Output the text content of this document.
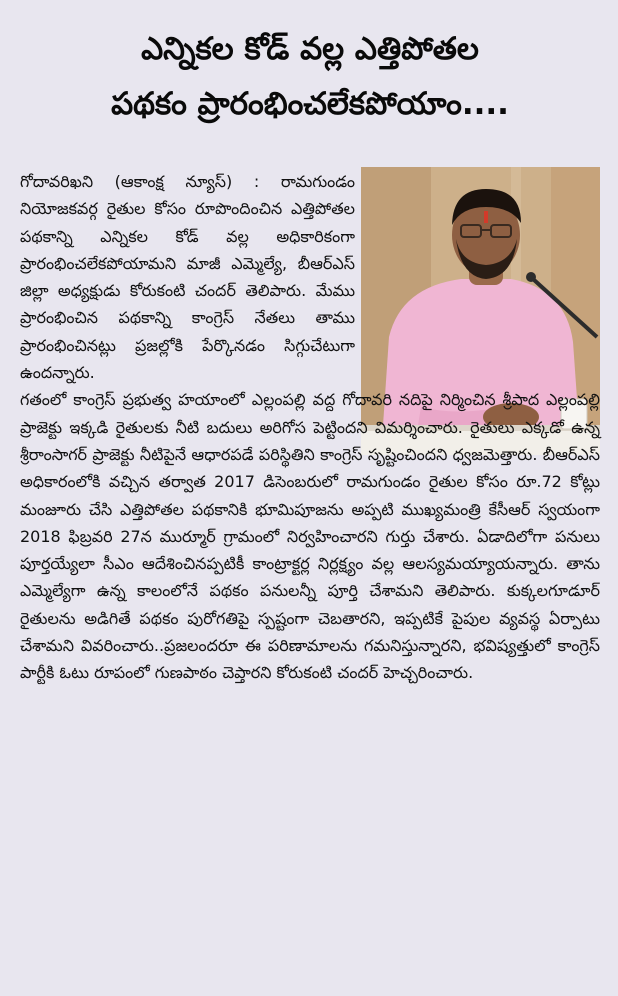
ఎన్నికల కోడ్ వల్ల ఎత్తిపోతల
పథకం ప్రారంభించలేకపోయాం....

గోదావరిఖని (ఆకాంక్ష న్యూస్) : రామగుండం నియోజకవర్గ రైతుల కోసం రూపొందించిన ఎత్తిపోతల పథకాన్ని ఎన్నికల కోడ్ వల్ల అధికారికంగా ప్రారంభించలేకపోయామని మాజీ ఎమ్మెల్యే, బీఆర్ఎస్ జిల్లా అధ్యక్షుడు కోరుకంటి చందర్ తెలిపారు. మేము ప్రారంభించిన పథకాన్ని కాంగ్రెస్ నేతలు తాము ప్రారంభించినట్లు ప్రజల్లోకి పేర్కొనడం సిగ్గుచేటుగా ఉందన్నారు.

గతంలో కాంగ్రెస్ ప్రభుత్వ హయాంలో ఎల్లంపల్లి వద్ద గోదావరి నదిపై నిర్మించిన శ్రీపాద ఎల్లంపల్లి ప్రాజెక్టు ఇక్కడి రైతులకు నీటి బదులు అరిగోస పెట్టిందని విమర్శించారు. రైతులు ఎక్కడో ఉన్న శ్రీరాంసాగర్ ప్రాజెక్టు నీటిపైనే ఆధారపడే పరిస్థితిని కాంగ్రెస్ సృష్టించిందని ధ్వజమెత్తారు. బీఆర్ఎస్ అధికారంలోకి వచ్చిన తర్వాత 2017 డిసెంబరులో రామగుండం రైతుల కోసం రూ.72 కోట్లు మంజూరు చేసి ఎత్తిపోతల పథకానికి భూమిపూజను అప్పటి ముఖ్యమంత్రి కేసీఆర్ స్వయంగా 2018 ఫిబ్రవరి 27న ముర్మూర్ గ్రామంలో నిర్వహించారని గుర్తు చేశారు. ఏడాదిలోగా పనులు పూర్తయ్యేలా సీఎం ఆదేశించినప్పటికీ కాంట్రాక్టర్ల నిర్లక్ష్యం వల్ల ఆలస్యమయ్యాయన్నారు. తాను ఎమ్మెల్యేగా ఉన్న కాలంలోనే పథకం పనులన్నీ పూర్తి చేశామని తెలిపారు. కుక్కలగూడూర్ రైతులను అడిగితే పథకం పురోగతిపై స్పష్టంగా చెబతారని, ఇప్పటికే పైపుల వ్యవస్థ ఏర్పాటు చేశామని వివరించారు..ప్రజలందరూ ఈ పరిణామాలను గమనిస్తున్నారని, భవిష్యత్తులో కాంగ్రెస్ పార్టీకి ఓటు రూపంలో గుణపాఠం చెప్తారని కోరుకంటి చందర్ హెచ్చరించారు.
